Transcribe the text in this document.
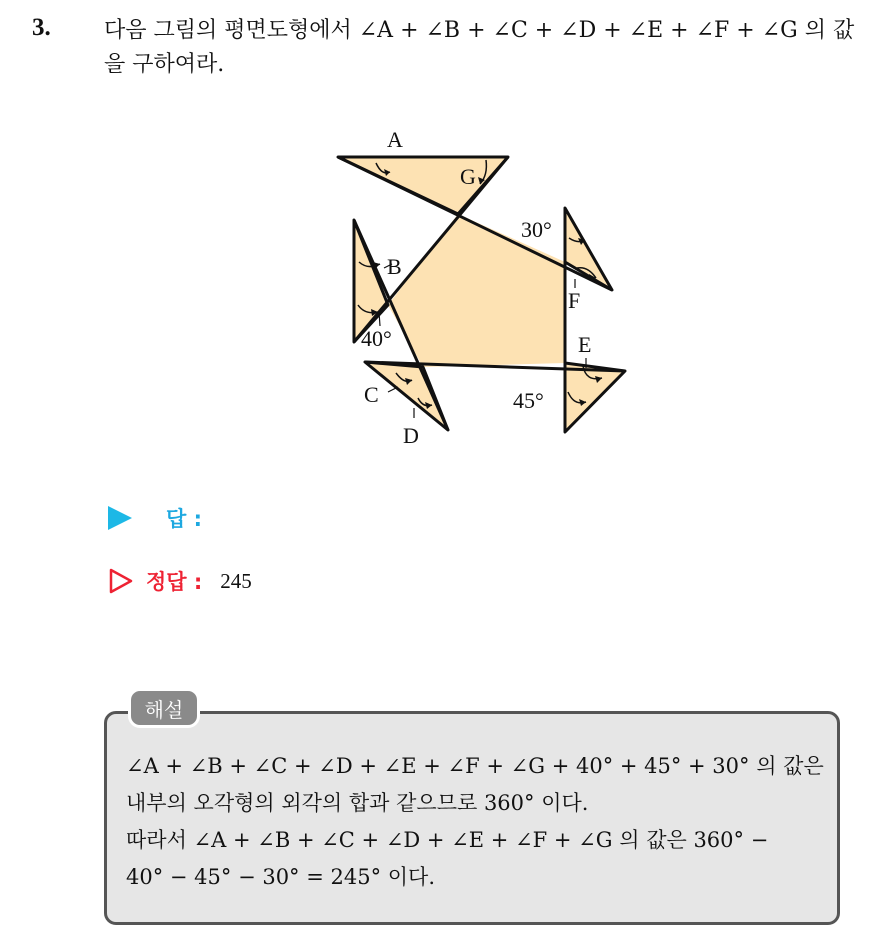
3. 다음 그림의 평면도형에서 ∠A + ∠B + ∠C + ∠D + ∠E + ∠F + ∠G 의 값을 구하여라.
A
G
30°
B
F
40°	E
C	45°
D
답 :
정답 : 245
해설
∠A + ∠B + ∠C + ∠D + ∠E + ∠F + ∠G + 40° + 45° + 30° 의 값은
내부의 오각형의 외각의 합과 같으므로 360° 이다.
따라서 ∠A + ∠B + ∠C + ∠D + ∠E + ∠F + ∠G 의 값은 360° −
40° − 45° − 30° = 245° 이다.
